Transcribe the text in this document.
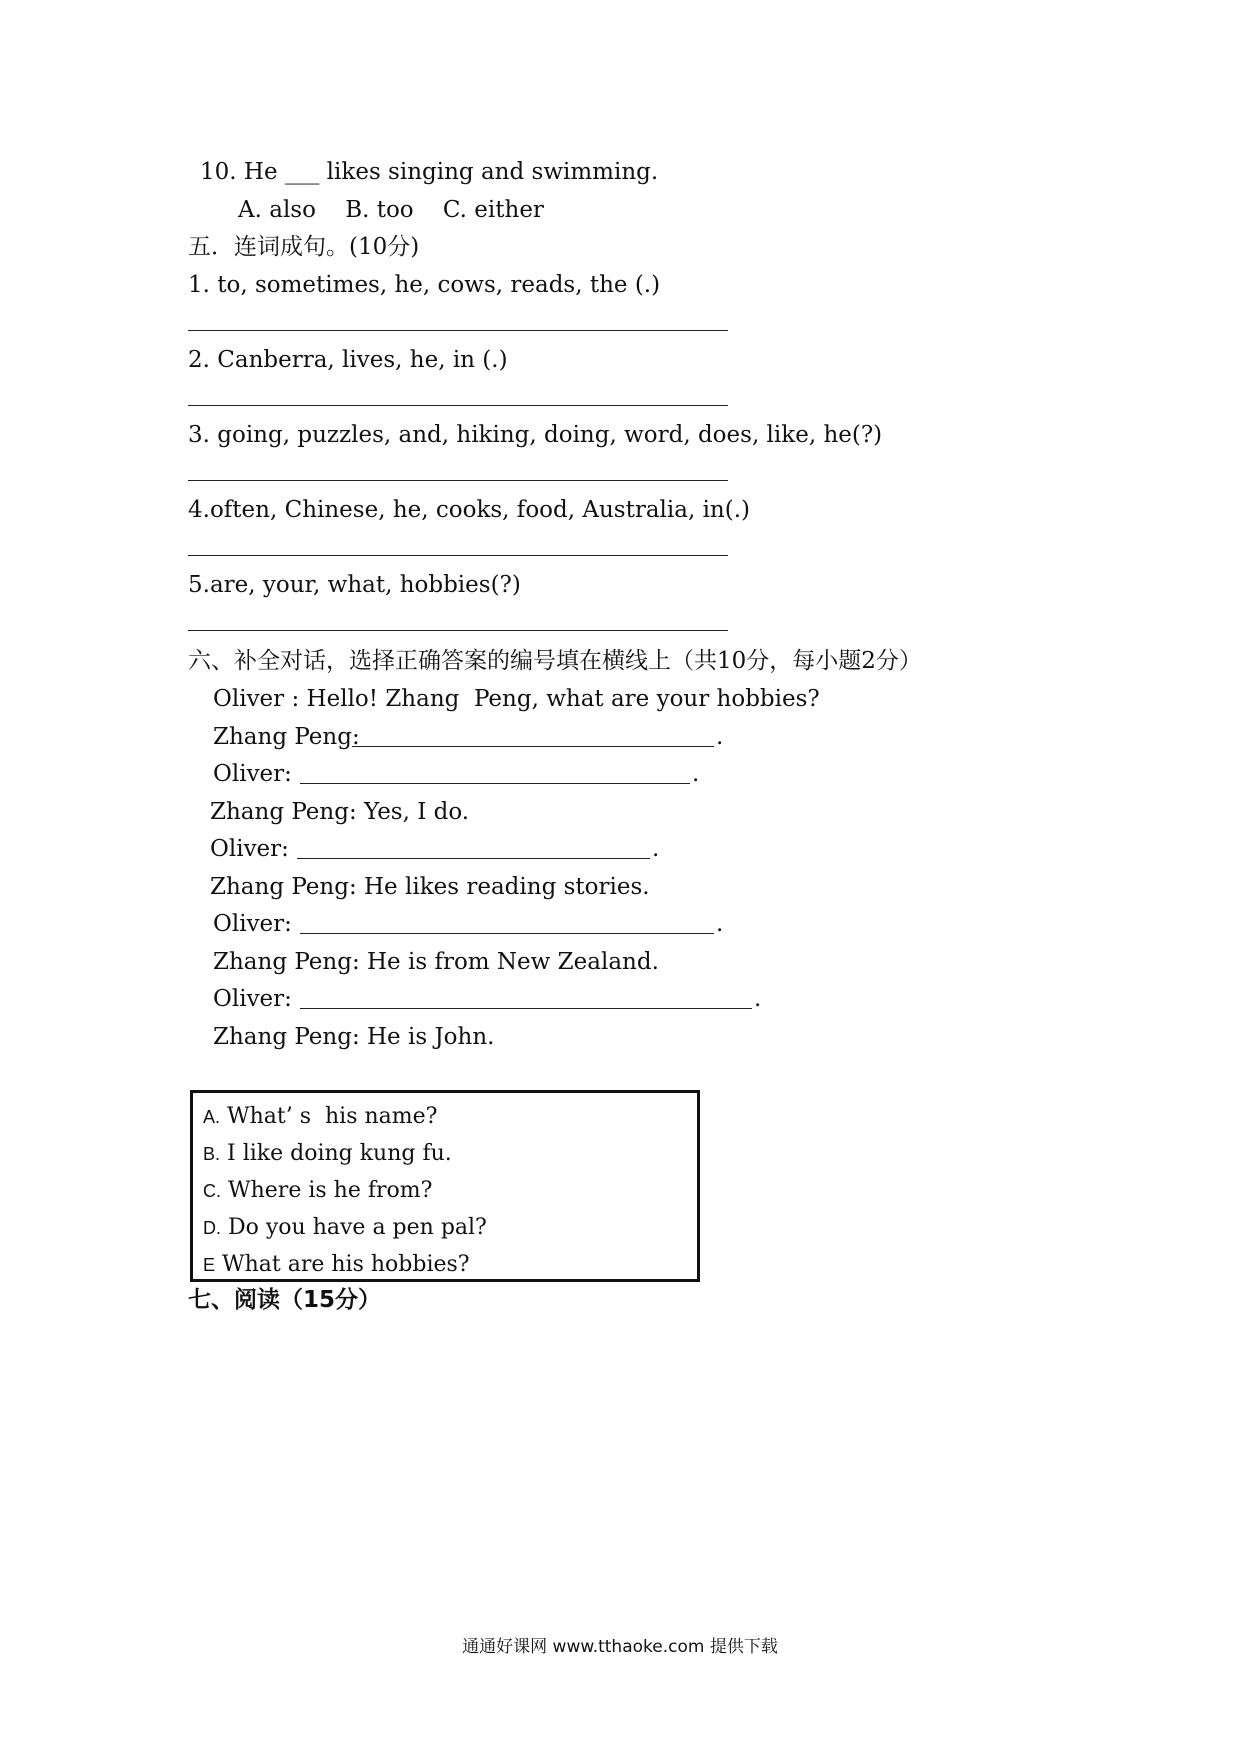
10. He ___ likes singing and swimming.
A. also    B. too    C. either
五．连词成句。(10分)
1. to, sometimes, he, cows, reads, the (.)
2. Canberra, lives, he, in (.)
3. going, puzzles, and, hiking, doing, word, does, like, he(?)
4.often, Chinese, he, cooks, food, Australia, in(.)
5.are, your, what, hobbies(?)
六、补全对话，选择正确答案的编号填在横线上（共10分，每小题2分）
Oliver : Hello! Zhang  Peng, what are your hobbies?
Zhang Peng:	.
Oliver:	.
Zhang Peng: Yes, I do.
Oliver:	.
Zhang Peng: He likes reading stories.
Oliver:	.
Zhang Peng: He is from New Zealand.
Oliver:	.
Zhang Peng: He is John.
A. What’ s  his name?
B. I like doing kung fu.
C. Where is he from?
D. Do you have a pen pal?
E What are his hobbies?
七、阅读（15分）
通通好课网 www.tthaoke.com 提供下载
